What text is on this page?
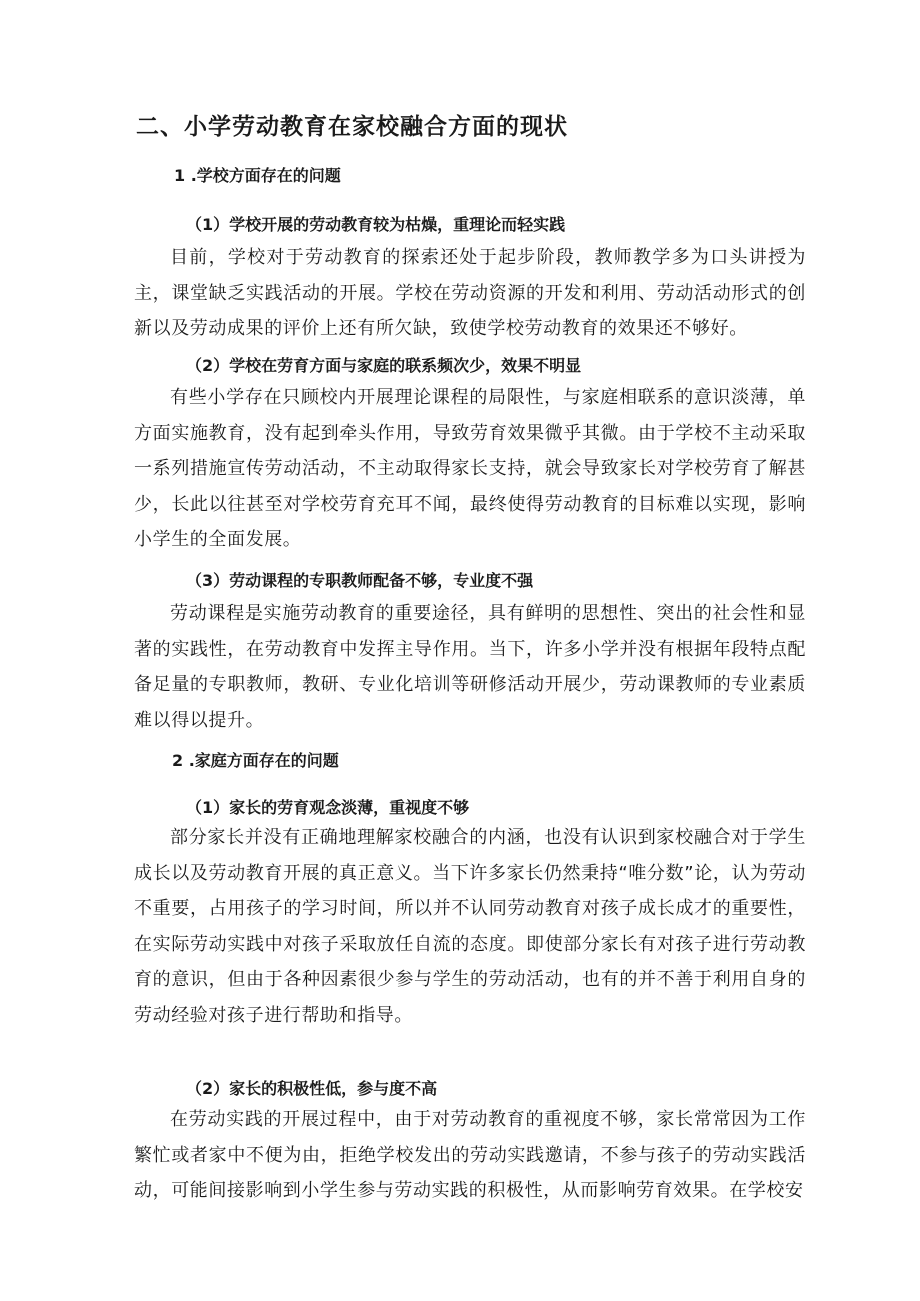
二、小学劳动教育在家校融合方面的现状
1 .学校方面存在的问题
（1）学校开展的劳动教育较为枯燥，重理论而轻实践

目前，学校对于劳动教育的探索还处于起步阶段，教师教学多为口头讲授为主，课堂缺乏实践活动的开展。学校在劳动资源的开发和利用、劳动活动形式的创新以及劳动成果的评价上还有所欠缺，致使学校劳动教育的效果还不够好。

（2）学校在劳育方面与家庭的联系频次少，效果不明显

有些小学存在只顾校内开展理论课程的局限性，与家庭相联系的意识淡薄，单方面实施教育，没有起到牵头作用，导致劳育效果微乎其微。由于学校不主动采取一系列措施宣传劳动活动，不主动取得家长支持，就会导致家长对学校劳育了解甚少，长此以往甚至对学校劳育充耳不闻，最终使得劳动教育的目标难以实现，影响小学生的全面发展。

（3）劳动课程的专职教师配备不够，专业度不强

劳动课程是实施劳动教育的重要途径，具有鲜明的思想性、突出的社会性和显著的实践性，在劳动教育中发挥主导作用。当下，许多小学并没有根据年段特点配备足量的专职教师，教研、专业化培训等研修活动开展少，劳动课教师的专业素质难以得以提升。

2 .家庭方面存在的问题
（1）家长的劳育观念淡薄，重视度不够

部分家长并没有正确地理解家校融合的内涵，也没有认识到家校融合对于学生成长以及劳动教育开展的真正意义。当下许多家长仍然秉持“唯分数”论，认为劳动不重要，占用孩子的学习时间，所以并不认同劳动教育对孩子成长成才的重要性，在实际劳动实践中对孩子采取放任自流的态度。即使部分家长有对孩子进行劳动教育的意识，但由于各种因素很少参与学生的劳动活动，也有的并不善于利用自身的劳动经验对孩子进行帮助和指导。

（2）家长的积极性低，参与度不高

在劳动实践的开展过程中，由于对劳动教育的重视度不够，家长常常因为工作繁忙或者家中不便为由，拒绝学校发出的劳动实践邀请，不参与孩子的劳动实践活动，可能间接影响到小学生参与劳动实践的积极性，从而影响劳育效果。在学校安
